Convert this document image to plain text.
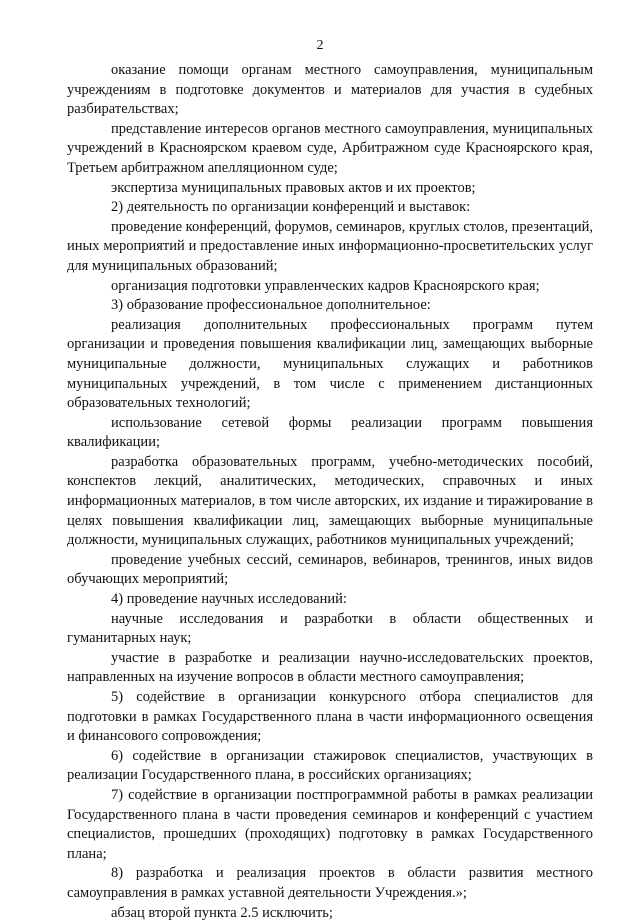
2

оказание помощи органам местного самоуправления, муниципальным учреждениям в подготовке документов и материалов для участия в судебных разбирательствах;

представление интересов органов местного самоуправления, муниципальных учреждений в Красноярском краевом суде, Арбитражном суде Красноярского края, Третьем арбитражном апелляционном суде;

экспертиза муниципальных правовых актов и их проектов;

2) деятельность по организации конференций и выставок:

проведение конференций, форумов, семинаров, круглых столов, презентаций, иных мероприятий и предоставление иных информационно-просветительских услуг для муниципальных образований;

организация подготовки управленческих кадров Красноярского края;

3) образование профессиональное дополнительное:

реализация дополнительных профессиональных программ путем организации и проведения повышения квалификации лиц, замещающих выборные муниципальные должности, муниципальных служащих и работников муниципальных учреждений, в том числе с применением дистанционных образовательных технологий;

использование сетевой формы реализации программ повышения квалификации;

разработка образовательных программ, учебно-методических пособий, конспектов лекций, аналитических, методических, справочных и иных информационных материалов, в том числе авторских, их издание и тиражирование в целях повышения квалификации лиц, замещающих выборные муниципальные должности, муниципальных служащих, работников муниципальных учреждений;

проведение учебных сессий, семинаров, вебинаров, тренингов, иных видов обучающих мероприятий;

4) проведение научных исследований:

научные исследования и разработки в области общественных и гуманитарных наук;

участие в разработке и реализации научно-исследовательских проектов, направленных на изучение вопросов в области местного самоуправления;

5) содействие в организации конкурсного отбора специалистов для подготовки в рамках Государственного плана в части информационного освещения и финансового сопровождения;

6) содействие в организации стажировок специалистов, участвующих в реализации Государственного плана, в российских организациях;

7) содействие в организации постпрограммной работы в рамках реализации Государственного плана в части проведения семинаров и конференций с участием специалистов, прошедших (проходящих) подготовку в рамках Государственного плана;

8) разработка и реализация проектов в области развития местного самоуправления в рамках уставной деятельности Учреждения.»;

абзац второй пункта 2.5 исключить;
